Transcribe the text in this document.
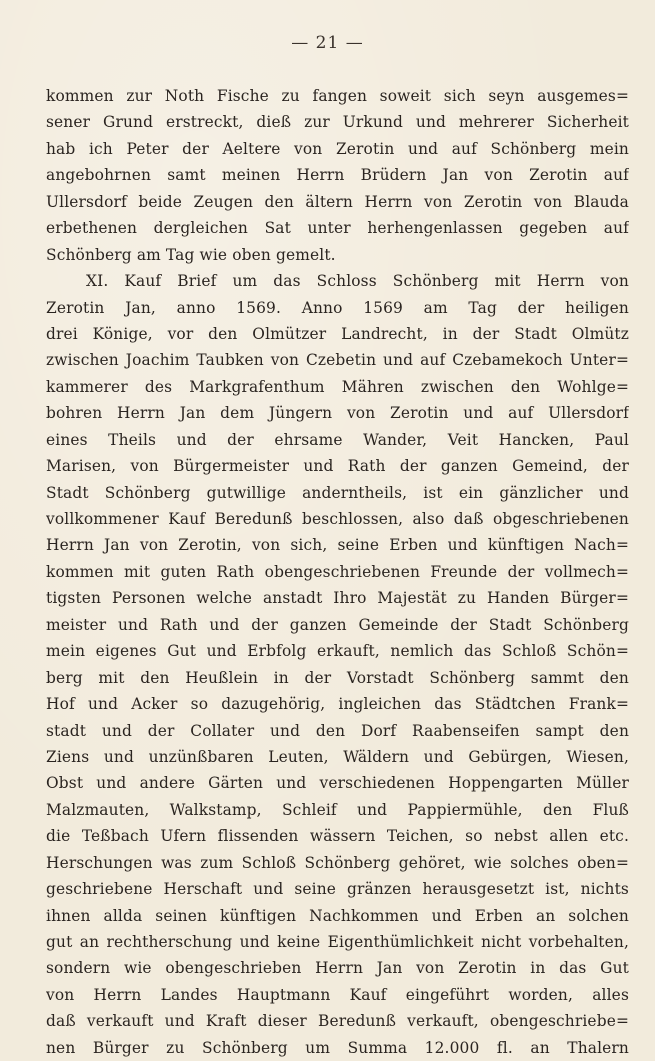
— 21 —
kommen zur Noth Fische zu fangen soweit sich seyn ausgemes=
sener Grund erstreckt, dieß zur Urkund und mehrerer Sicherheit
hab ich Peter der Aeltere von Zerotin und auf Schönberg mein
angebohrnen samt meinen Herrn Brüdern Jan von Zerotin auf
Ullersdorf beide Zeugen den ältern Herrn von Zerotin von Blauda
erbethenen dergleichen Sat unter herhengenlassen gegeben auf
Schönberg am Tag wie oben gemelt.
XI. Kauf Brief um das Schloss Schönberg mit Herrn von
Zerotin Jan, anno 1569. Anno 1569 am Tag der heiligen
drei Könige, vor den Olmützer Landrecht, in der Stadt Olmütz
zwischen Joachim Taubken von Czebetin und auf Czebamekoch Unter=
kammerer des Markgrafenthum Mähren zwischen den Wohlge=
bohren Herrn Jan dem Jüngern von Zerotin und auf Ullersdorf
eines Theils und der ehrsame Wander, Veit Hancken, Paul
Marisen, von Bürgermeister und Rath der ganzen Gemeind, der
Stadt Schönberg gutwillige anderntheils, ist ein gänzlicher und
vollkommener Kauf Beredunß beschlossen, also daß obgeschriebenen
Herrn Jan von Zerotin, von sich, seine Erben und künftigen Nach=
kommen mit guten Rath obengeschriebenen Freunde der vollmech=
tigsten Personen welche anstadt Ihro Majestät zu Handen Bürger=
meister und Rath und der ganzen Gemeinde der Stadt Schönberg
mein eigenes Gut und Erbfolg erkauft, nemlich das Schloß Schön=
berg mit den Heußlein in der Vorstadt Schönberg sammt den
Hof und Acker so dazugehörig, ingleichen das Städtchen Frank=
stadt und der Collater und den Dorf Raabenseifen sampt den
Ziens und unzünßbaren Leuten, Wäldern und Gebürgen, Wiesen,
Obst und andere Gärten und verschiedenen Hoppengarten Müller
Malzmauten, Walkstamp, Schleif und Pappiermühle, den Fluß
die Teßbach Ufern flissenden wässern Teichen, so nebst allen etc.
Herschungen was zum Schloß Schönberg gehöret, wie solches oben=
geschriebene Herschaft und seine gränzen herausgesetzt ist, nichts
ihnen allda seinen künftigen Nachkommen und Erben an solchen
gut an rechtherschung und keine Eigenthümlichkeit nicht vorbehalten,
sondern wie obengeschrieben Herrn Jan von Zerotin in das Gut
von Herrn Landes Hauptmann Kauf eingeführt worden, alles
daß verkauft und Kraft dieser Beredunß verkauft, obengeschriebe=
nen Bürger zu Schönberg um Summa 12.000 fl. an Thalern
